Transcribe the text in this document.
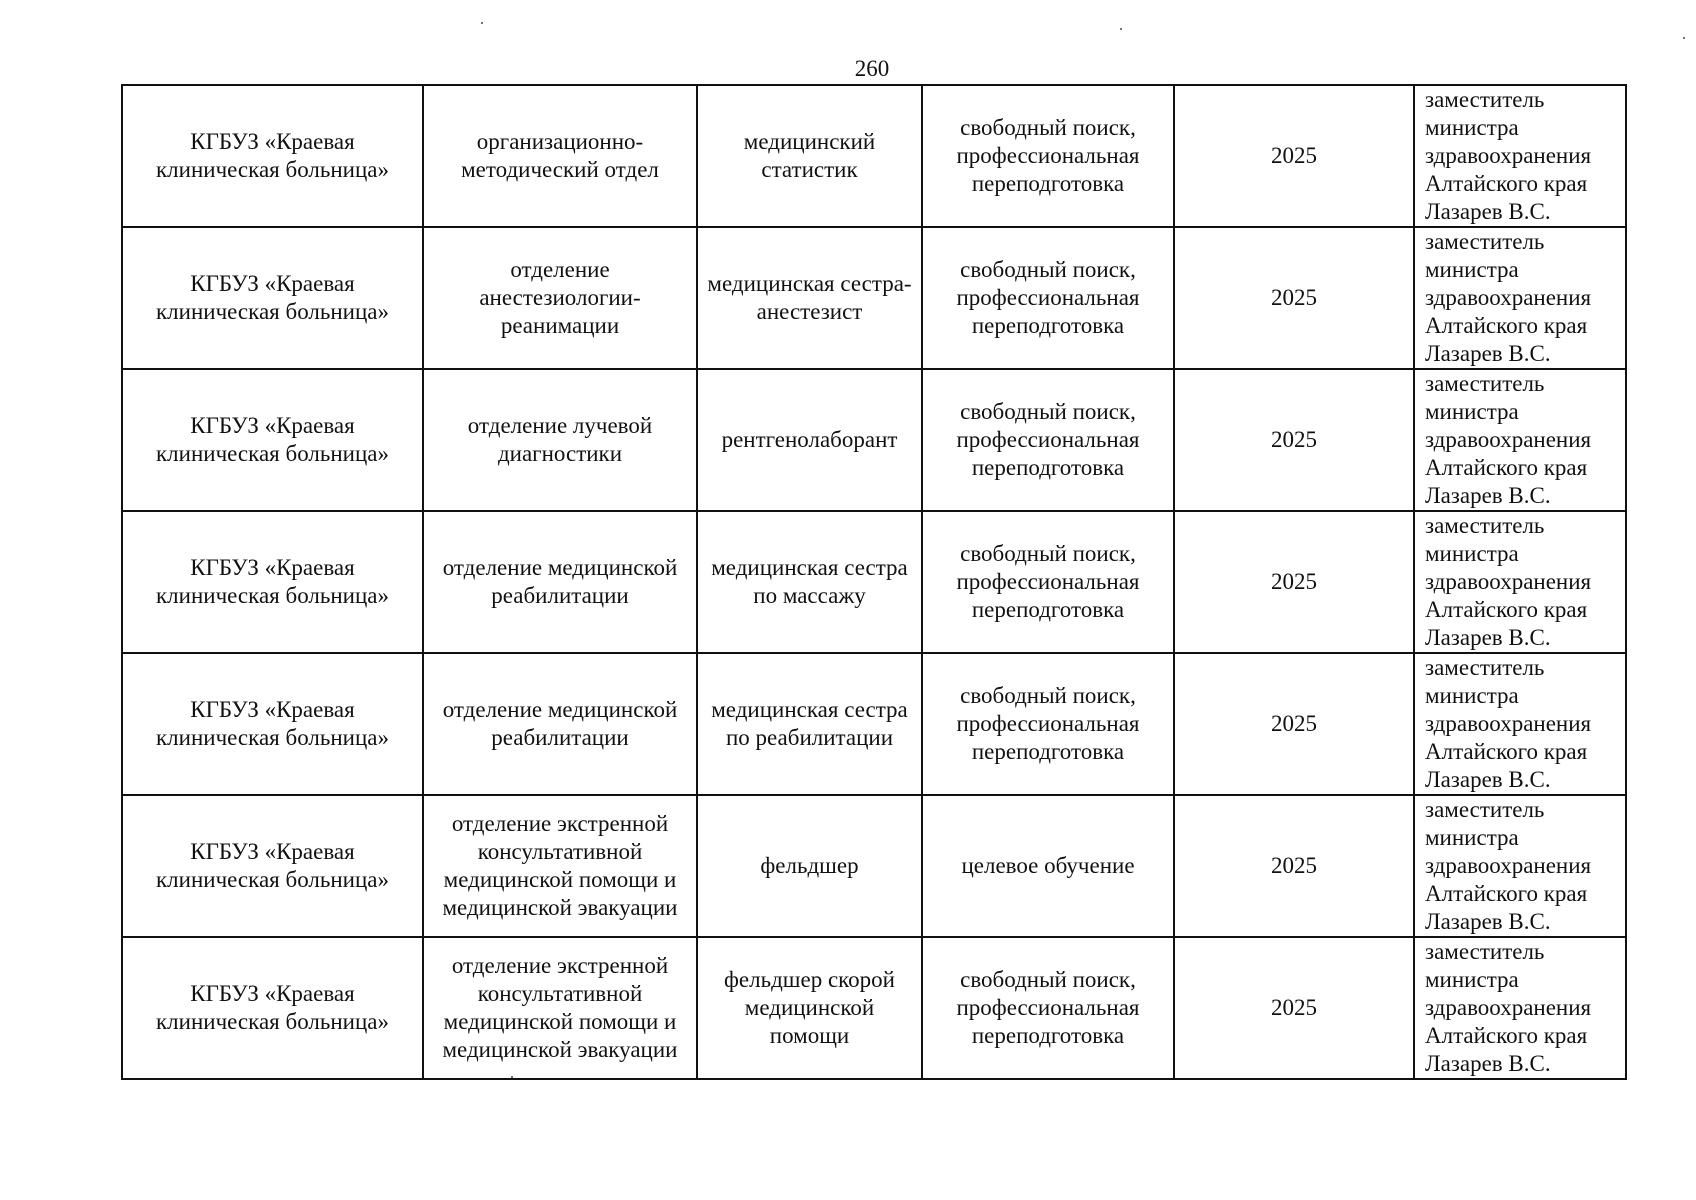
260
КГБУЗ «Краевая клиническая больница»	организационно-методический отдел	медицинский статистик	свободный поиск, профессиональная переподготовка	2025	заместитель министра здравоохранения Алтайского края Лазарев В.С.
КГБУЗ «Краевая клиническая больница»	отделение анестезиологии-реанимации	медицинская сестра-анестезист	свободный поиск, профессиональная переподготовка	2025	заместитель министра здравоохранения Алтайского края Лазарев В.С.
КГБУЗ «Краевая клиническая больница»	отделение лучевой диагностики	рентгенолаборант	свободный поиск, профессиональная переподготовка	2025	заместитель министра здравоохранения Алтайского края Лазарев В.С.
КГБУЗ «Краевая клиническая больница»	отделение медицинской реабилитации	медицинская сестра по массажу	свободный поиск, профессиональная переподготовка	2025	заместитель министра здравоохранения Алтайского края Лазарев В.С.
КГБУЗ «Краевая клиническая больница»	отделение медицинской реабилитации	медицинская сестра по реабилитации	свободный поиск, профессиональная переподготовка	2025	заместитель министра здравоохранения Алтайского края Лазарев В.С.
КГБУЗ «Краевая клиническая больница»	отделение экстренной консультативной медицинской помощи и медицинской эвакуации	фельдшер	целевое обучение	2025	заместитель министра здравоохранения Алтайского края Лазарев В.С.
КГБУЗ «Краевая клиническая больница»	отделение экстренной консультативной медицинской помощи и медицинской эвакуации	фельдшер скорой медицинской помощи	свободный поиск, профессиональная переподготовка	2025	заместитель министра здравоохранения Алтайского края Лазарев В.С.
